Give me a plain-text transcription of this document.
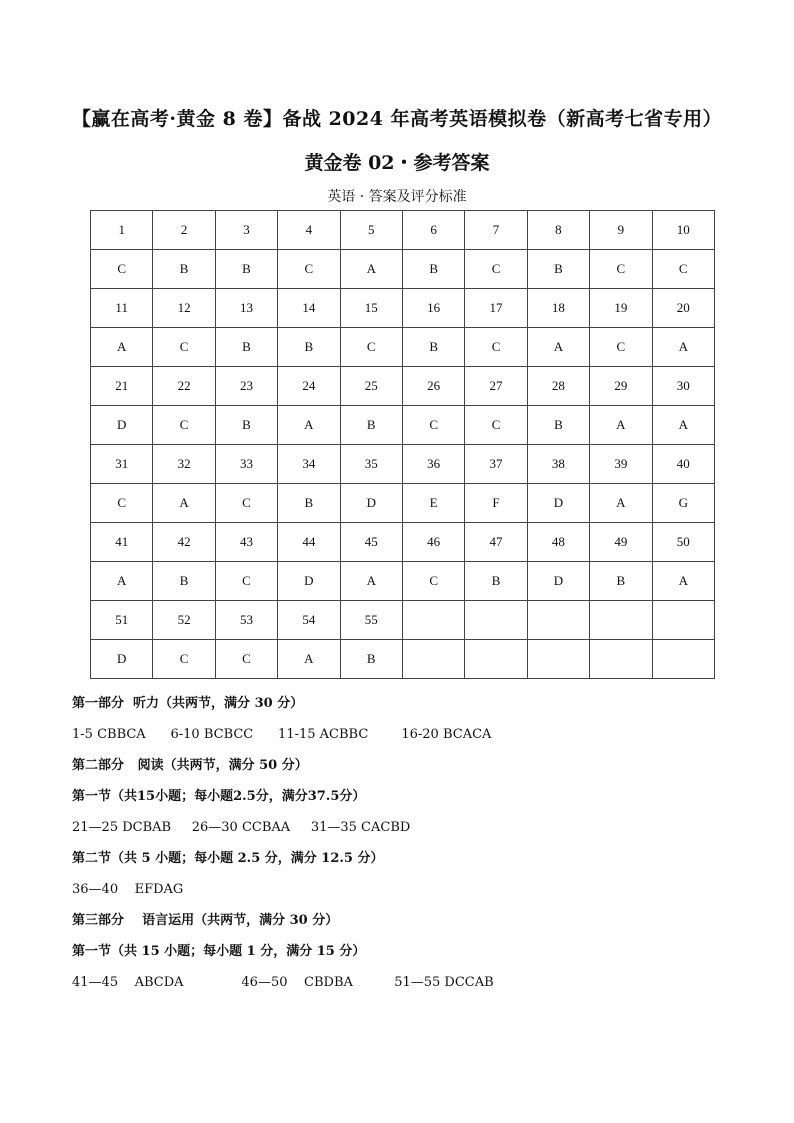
【赢在高考·黄金 8 卷】备战 2024 年高考英语模拟卷（新高考七省专用）
黄金卷 02・参考答案
英语 · 答案及评分标准
1	2	3	4	5	6	7	8	9	10
C	B	B	C	A	B	C	B	C	C
11	12	13	14	15	16	17	18	19	20
A	C	B	B	C	B	C	A	C	A
21	22	23	24	25	26	27	28	29	30
D	C	B	A	B	C	C	B	A	A
31	32	33	34	35	36	37	38	39	40
C	A	C	B	D	E	F	D	A	G
41	42	43	44	45	46	47	48	49	50
A	B	C	D	A	C	B	D	B	A
51	52	53	54	55					
D	C	C	A	B					
第一部分  听力（共两节，满分 30 分）
1-5 CBBCA      6-10 BCBCC      11-15 ACBBC        16-20 BCACA
第二部分   阅读（共两节，满分 50 分）
第一节（共15小题；每小题2.5分，满分37.5分）
21—25 DCBAB     26—30 CCBAA     31—35 CACBD
第二节（共 5 小题；每小题 2.5 分，满分 12.5 分）
36—40    EFDAG
第三部分    语言运用（共两节，满分 30 分）
第一节（共 15 小题；每小题 1 分，满分 15 分）
41—45    ABCDA              46—50    CBDBA          51—55 DCCAB
